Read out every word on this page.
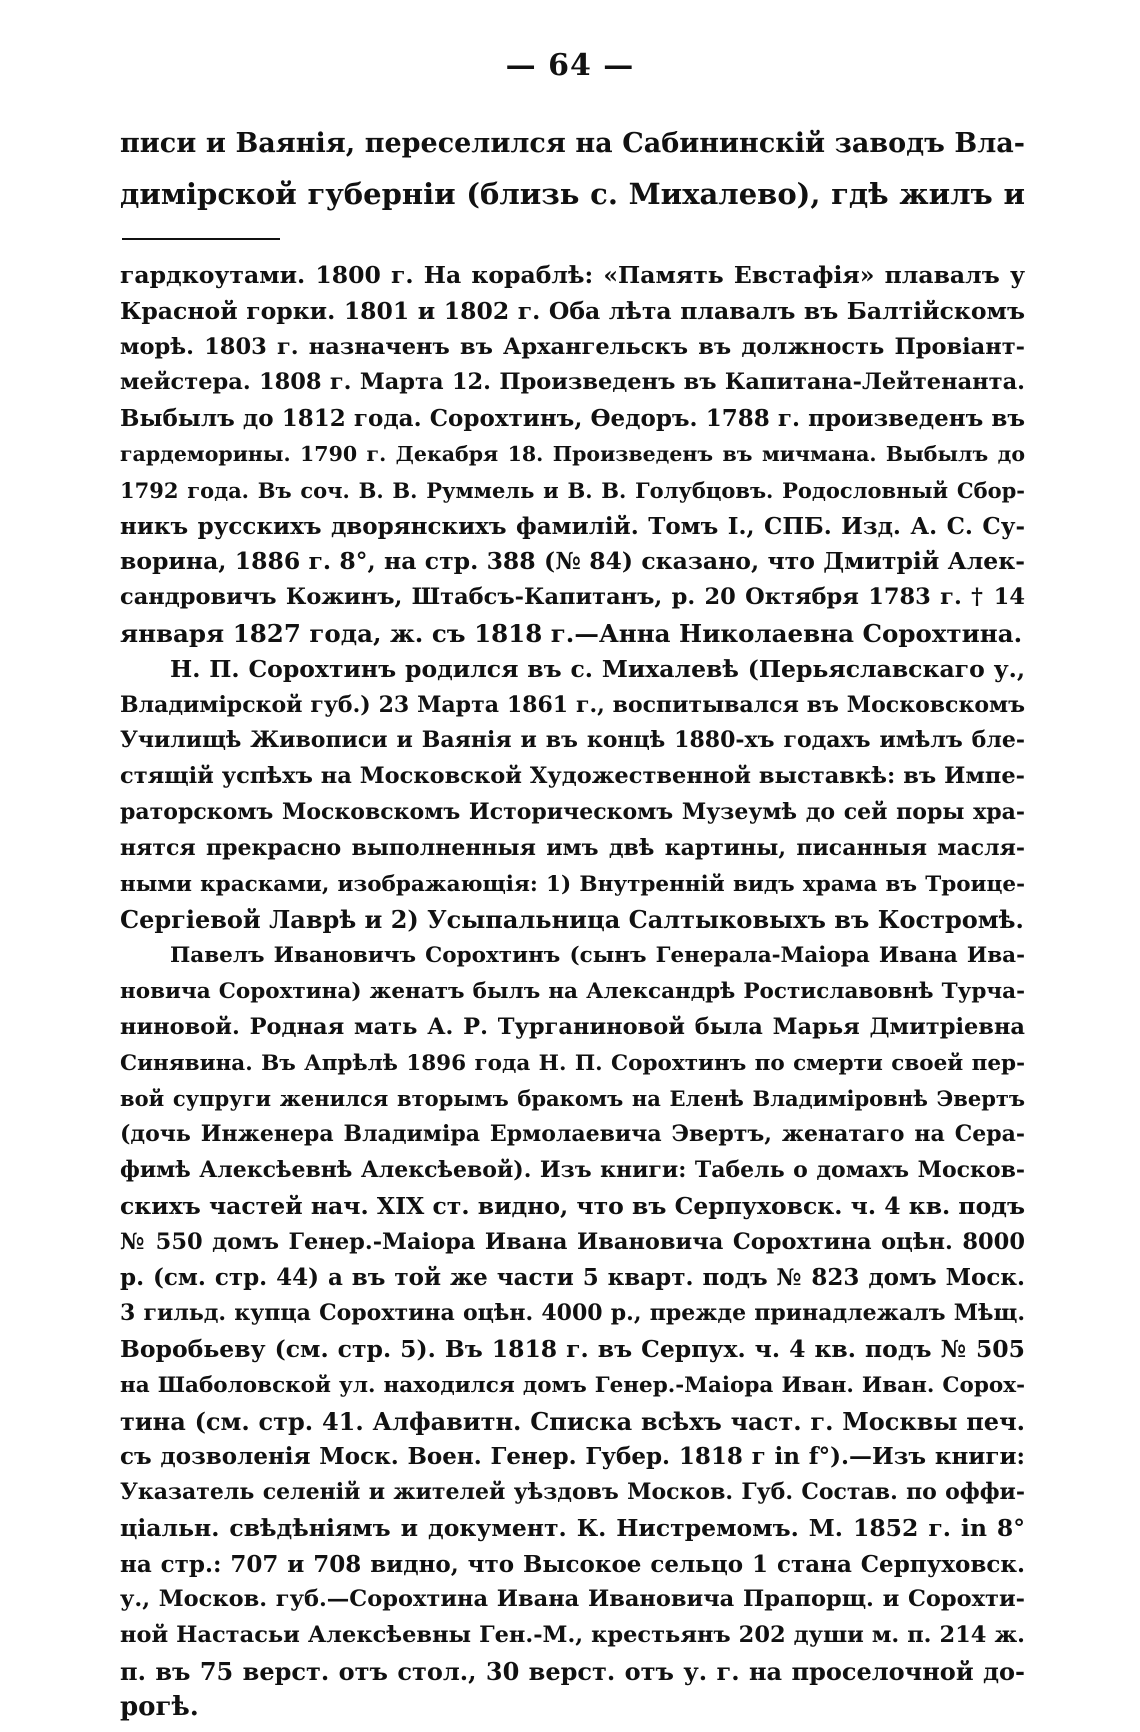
— 64 —
писи и Ваянія, переселился на Сабининскій заводъ Вла-
димірской губерніи (близь с. Михалево), гдѣ жилъ и
гардкоутами. 1800 г. На кораблѣ: «Память Евстафія» плавалъ у
Красной горки. 1801 и 1802 г. Оба лѣта плавалъ въ Балтійскомъ
морѣ. 1803 г. назначенъ въ Архангельскъ въ должность Провіант-
мейстера. 1808 г. Марта 12. Произведенъ въ Капитана-Лейтенанта.
Выбылъ до 1812 года. Сорохтинъ, Ѳедоръ. 1788 г. произведенъ въ
гардеморины. 1790 г. Декабря 18. Произведенъ въ мичмана. Выбылъ до
1792 года. Въ соч. В. В. Руммель и В. В. Голубцовъ. Родословный Сбор-
никъ русскихъ дворянскихъ фамилій. Томъ I., СПБ. Изд. А. С. Су-
ворина, 1886 г. 8°, на стр. 388 (№ 84) сказано, что Дмитрій Алек-
сандровичъ Кожинъ, Штабсъ-Капитанъ, р. 20 Октября 1783 г. † 14
января 1827 года, ж. съ 1818 г.—Анна Николаевна Сорохтина.
Н. П. Сорохтинъ родился въ с. Михалевѣ (Перьяславскаго у.,
Владимірской губ.) 23 Марта 1861 г., воспитывался въ Московскомъ
Училищѣ Живописи и Ваянія и въ концѣ 1880-хъ годахъ имѣлъ бле-
стящій успѣхъ на Московской Художественной выставкѣ: въ Импе-
раторскомъ Московскомъ Историческомъ Музеумѣ до сей поры хра-
нятся прекрасно выполненныя имъ двѣ картины, писанныя масля-
ными красками, изображающія: 1) Внутренній видъ храма въ Троице-
Сергіевой Лаврѣ и 2) Усыпальница Салтыковыхъ въ Костромѣ.
Павелъ Ивановичъ Сорохтинъ (сынъ Генерала-Маіора Ивана Ива-
новича Сорохтина) женатъ былъ на Александрѣ Ростиславовнѣ Турча-
ниновой. Родная мать А. Р. Турганиновой была Марья Дмитріевна
Синявина. Въ Апрѣлѣ 1896 года Н. П. Сорохтинъ по смерти своей пер-
вой супруги женился вторымъ бракомъ на Еленѣ Владиміровнѣ Эвертъ
(дочь Инженера Владиміра Ермолаевича Эвертъ, женатаго на Сера-
фимѣ Алексѣевнѣ Алексѣевой). Изъ книги: Табель о домахъ Москов-
скихъ частей нач. XIX ст. видно, что въ Серпуховск. ч. 4 кв. подъ
№ 550 домъ Генер.-Маіора Ивана Ивановича Сорохтина оцѣн. 8000
р. (см. стр. 44) а въ той же части 5 кварт. подъ № 823 домъ Моск.
3 гильд. купца Сорохтина оцѣн. 4000 р., прежде принадлежалъ Мѣщ.
Воробьеву (см. стр. 5). Въ 1818 г. въ Серпух. ч. 4 кв. подъ № 505
на Шаболовской ул. находился домъ Генер.-Маіора Иван. Иван. Сорох-
тина (см. стр. 41. Алфавитн. Списка всѣхъ част. г. Москвы печ.
съ дозволенія Моск. Воен. Генер. Губер. 1818 г in f°).—Изъ книги:
Указатель селеній и жителей уѣздовъ Москов. Губ. Состав. по оффи-
ціальн. свѣдѣніямъ и документ. К. Нистремомъ. М. 1852 г. in 8°
на стр.: 707 и 708 видно, что Высокое сельцо 1 стана Серпуховск.
у., Москов. губ.—Сорохтина Ивана Ивановича Прапорщ. и Сорохти-
ной Настасьи Алексѣевны Ген.-М., крестьянъ 202 души м. п. 214 ж.
п. въ 75 верст. отъ стол., 30 верст. отъ у. г. на проселочной до-
рогѣ.
